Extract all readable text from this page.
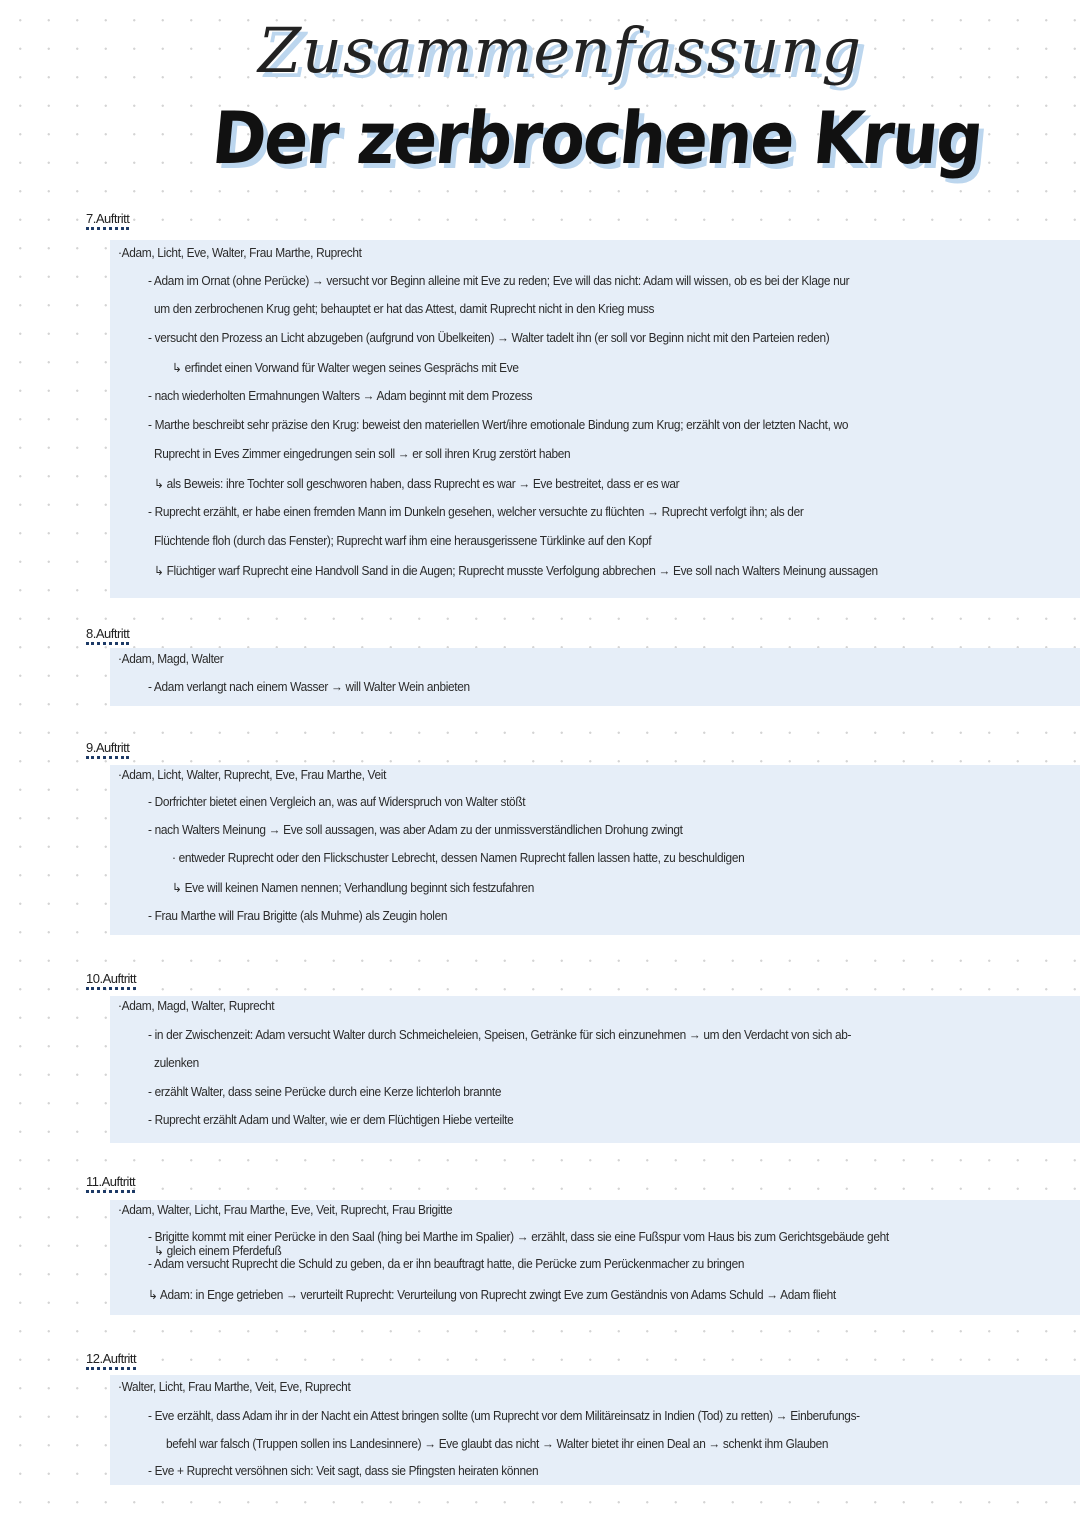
Zusammenfassung
Der zerbrochene Krug
7.Auftritt
·Adam, Licht, Eve, Walter, Frau Marthe, Ruprecht
- Adam im Ornat (ohne Perücke) → versucht vor Beginn alleine mit Eve zu reden; Eve will das nicht: Adam will wissen, ob es bei der Klage nur
um den zerbrochenen Krug geht; behauptet er hat das Attest, damit Ruprecht nicht in den Krieg muss
- versucht den Prozess an Licht abzugeben (aufgrund von Übelkeiten) → Walter tadelt ihn (er soll vor Beginn nicht mit den Parteien reden)
↳ erfindet einen Vorwand für Walter wegen seines Gesprächs mit Eve
- nach wiederholten Ermahnungen Walters → Adam beginnt mit dem Prozess
- Marthe beschreibt sehr präzise den Krug: beweist den materiellen Wert/ihre emotionale Bindung zum Krug; erzählt von der letzten Nacht, wo
Ruprecht in Eves Zimmer eingedrungen sein soll → er soll ihren Krug zerstört haben
↳ als Beweis: ihre Tochter soll geschworen haben, dass Ruprecht es war → Eve bestreitet, dass er es war
- Ruprecht erzählt, er habe einen fremden Mann im Dunkeln gesehen, welcher versuchte zu flüchten → Ruprecht verfolgt ihn; als der
Flüchtende floh (durch das Fenster); Ruprecht warf ihm eine herausgerissene Türklinke auf den Kopf
↳ Flüchtiger warf Ruprecht eine Handvoll Sand in die Augen; Ruprecht musste Verfolgung abbrechen → Eve soll nach Walters Meinung aussagen
8.Auftritt
·Adam, Magd, Walter
- Adam verlangt nach einem Wasser → will Walter Wein anbieten
9.Auftritt
·Adam, Licht, Walter, Ruprecht, Eve, Frau Marthe, Veit
- Dorfrichter bietet einen Vergleich an, was auf Widerspruch von Walter stößt
- nach Walters Meinung → Eve soll aussagen, was aber Adam zu der unmissverständlichen Drohung zwingt
· entweder Ruprecht oder den Flickschuster Lebrecht, dessen Namen Ruprecht fallen lassen hatte, zu beschuldigen
↳ Eve will keinen Namen nennen; Verhandlung beginnt sich festzufahren
- Frau Marthe will Frau Brigitte (als Muhme) als Zeugin holen
10.Auftritt
·Adam, Magd, Walter, Ruprecht
- in der Zwischenzeit: Adam versucht Walter durch Schmeicheleien, Speisen, Getränke für sich einzunehmen → um den Verdacht von sich ab-
zulenken
- erzählt Walter, dass seine Perücke durch eine Kerze lichterloh brannte
- Ruprecht erzählt Adam und Walter, wie er dem Flüchtigen Hiebe verteilte
11.Auftritt
·Adam, Walter, Licht, Frau Marthe, Eve, Veit, Ruprecht, Frau Brigitte
- Brigitte kommt mit einer Perücke in den Saal (hing bei Marthe im Spalier) → erzählt, dass sie eine Fußspur vom Haus bis zum Gerichtsgebäude geht
↳ gleich einem Pferdefuß
- Adam versucht Ruprecht die Schuld zu geben, da er ihn beauftragt hatte, die Perücke zum Perückenmacher zu bringen
↳ Adam: in Enge getrieben → verurteilt Ruprecht: Verurteilung von Ruprecht zwingt Eve zum Geständnis von Adams Schuld → Adam flieht
12.Auftritt
·Walter, Licht, Frau Marthe, Veit, Eve, Ruprecht
- Eve erzählt, dass Adam ihr in der Nacht ein Attest bringen sollte (um Ruprecht vor dem Militäreinsatz in Indien (Tod) zu retten) → Einberufungs-
befehl war falsch (Truppen sollen ins Landesinnere) → Eve glaubt das nicht → Walter bietet ihr einen Deal an → schenkt ihm Glauben
- Eve + Ruprecht versöhnen sich: Veit sagt, dass sie Pfingsten heiraten können
